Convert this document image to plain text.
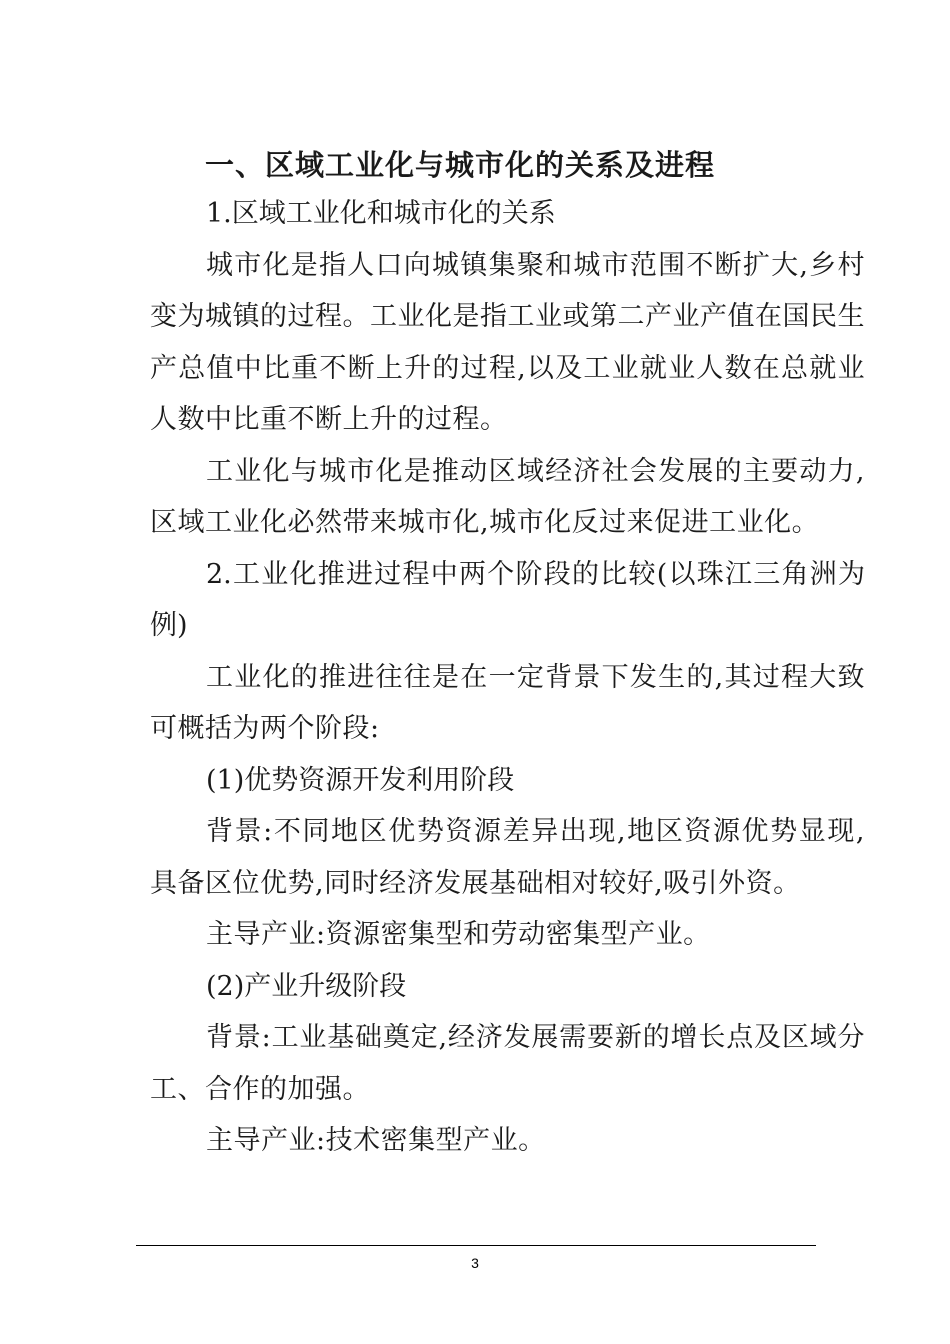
一、区域工业化与城市化的关系及进程

1.区域工业化和城市化的关系

城市化是指人口向城镇集聚和城市范围不断扩大,乡村变为城镇的过程。工业化是指工业或第二产业产值在国民生产总值中比重不断上升的过程,以及工业就业人数在总就业人数中比重不断上升的过程。

工业化与城市化是推动区域经济社会发展的主要动力,区域工业化必然带来城市化,城市化反过来促进工业化。

2.工业化推进过程中两个阶段的比较(以珠江三角洲为例)

工业化的推进往往是在一定背景下发生的,其过程大致可概括为两个阶段:

(1)优势资源开发利用阶段

背景:不同地区优势资源差异出现,地区资源优势显现,具备区位优势,同时经济发展基础相对较好,吸引外资。

主导产业:资源密集型和劳动密集型产业。

(2)产业升级阶段

背景:工业基础奠定,经济发展需要新的增长点及区域分工、合作的加强。

主导产业:技术密集型产业。

3
